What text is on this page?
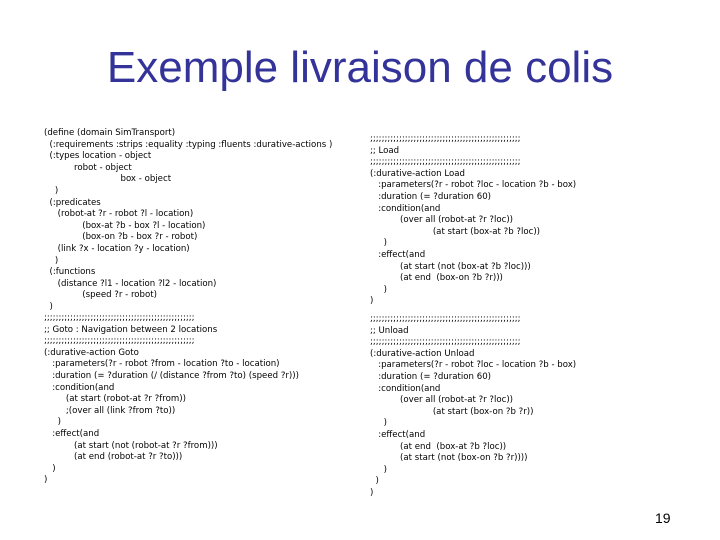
Exemple livraison de colis
(define (domain SimTransport)
(:requirements :strips :equality :typing :fluents :durative-actions )
(:types location - object
robot - object
box - object
)
(:predicates
(robot-at ?r - robot ?l - location)
(box-at ?b - box ?l - location)
(box-on ?b - box ?r - robot)
(link ?x - location ?y - location)
)
(:functions
(distance ?l1 - location ?l2 - location)
(speed ?r - robot)
)
;;;;;;;;;;;;;;;;;;;;;;;;;;;;;;;;;;;;;;;;;;;;;;;;;;;;
;; Goto : Navigation between 2 locations
;;;;;;;;;;;;;;;;;;;;;;;;;;;;;;;;;;;;;;;;;;;;;;;;;;;;
(:durative-action Goto
:parameters(?r - robot ?from - location ?to - location)
:duration (= ?duration (/ (distance ?from ?to) (speed ?r)))
:condition(and
(at start (robot-at ?r ?from))
;(over all (link ?from ?to))
)
:effect(and
(at start (not (robot-at ?r ?from)))
(at end (robot-at ?r ?to)))
)
)
;;;;;;;;;;;;;;;;;;;;;;;;;;;;;;;;;;;;;;;;;;;;;;;;;;;;
;; Load
;;;;;;;;;;;;;;;;;;;;;;;;;;;;;;;;;;;;;;;;;;;;;;;;;;;;
(:durative-action Load
:parameters(?r - robot ?loc - location ?b - box)
:duration (= ?duration 60)
:condition(and
(over all (robot-at ?r ?loc))
(at start (box-at ?b ?loc))
)
:effect(and
(at start (not (box-at ?b ?loc)))
(at end  (box-on ?b ?r)))
)
)
;;;;;;;;;;;;;;;;;;;;;;;;;;;;;;;;;;;;;;;;;;;;;;;;;;;;
;; Unload
;;;;;;;;;;;;;;;;;;;;;;;;;;;;;;;;;;;;;;;;;;;;;;;;;;;;
(:durative-action Unload
:parameters(?r - robot ?loc - location ?b - box)
:duration (= ?duration 60)
:condition(and
(over all (robot-at ?r ?loc))
(at start (box-on ?b ?r))
)
:effect(and
(at end  (box-at ?b ?loc))
(at start (not (box-on ?b ?r))))
)
)
)
19
